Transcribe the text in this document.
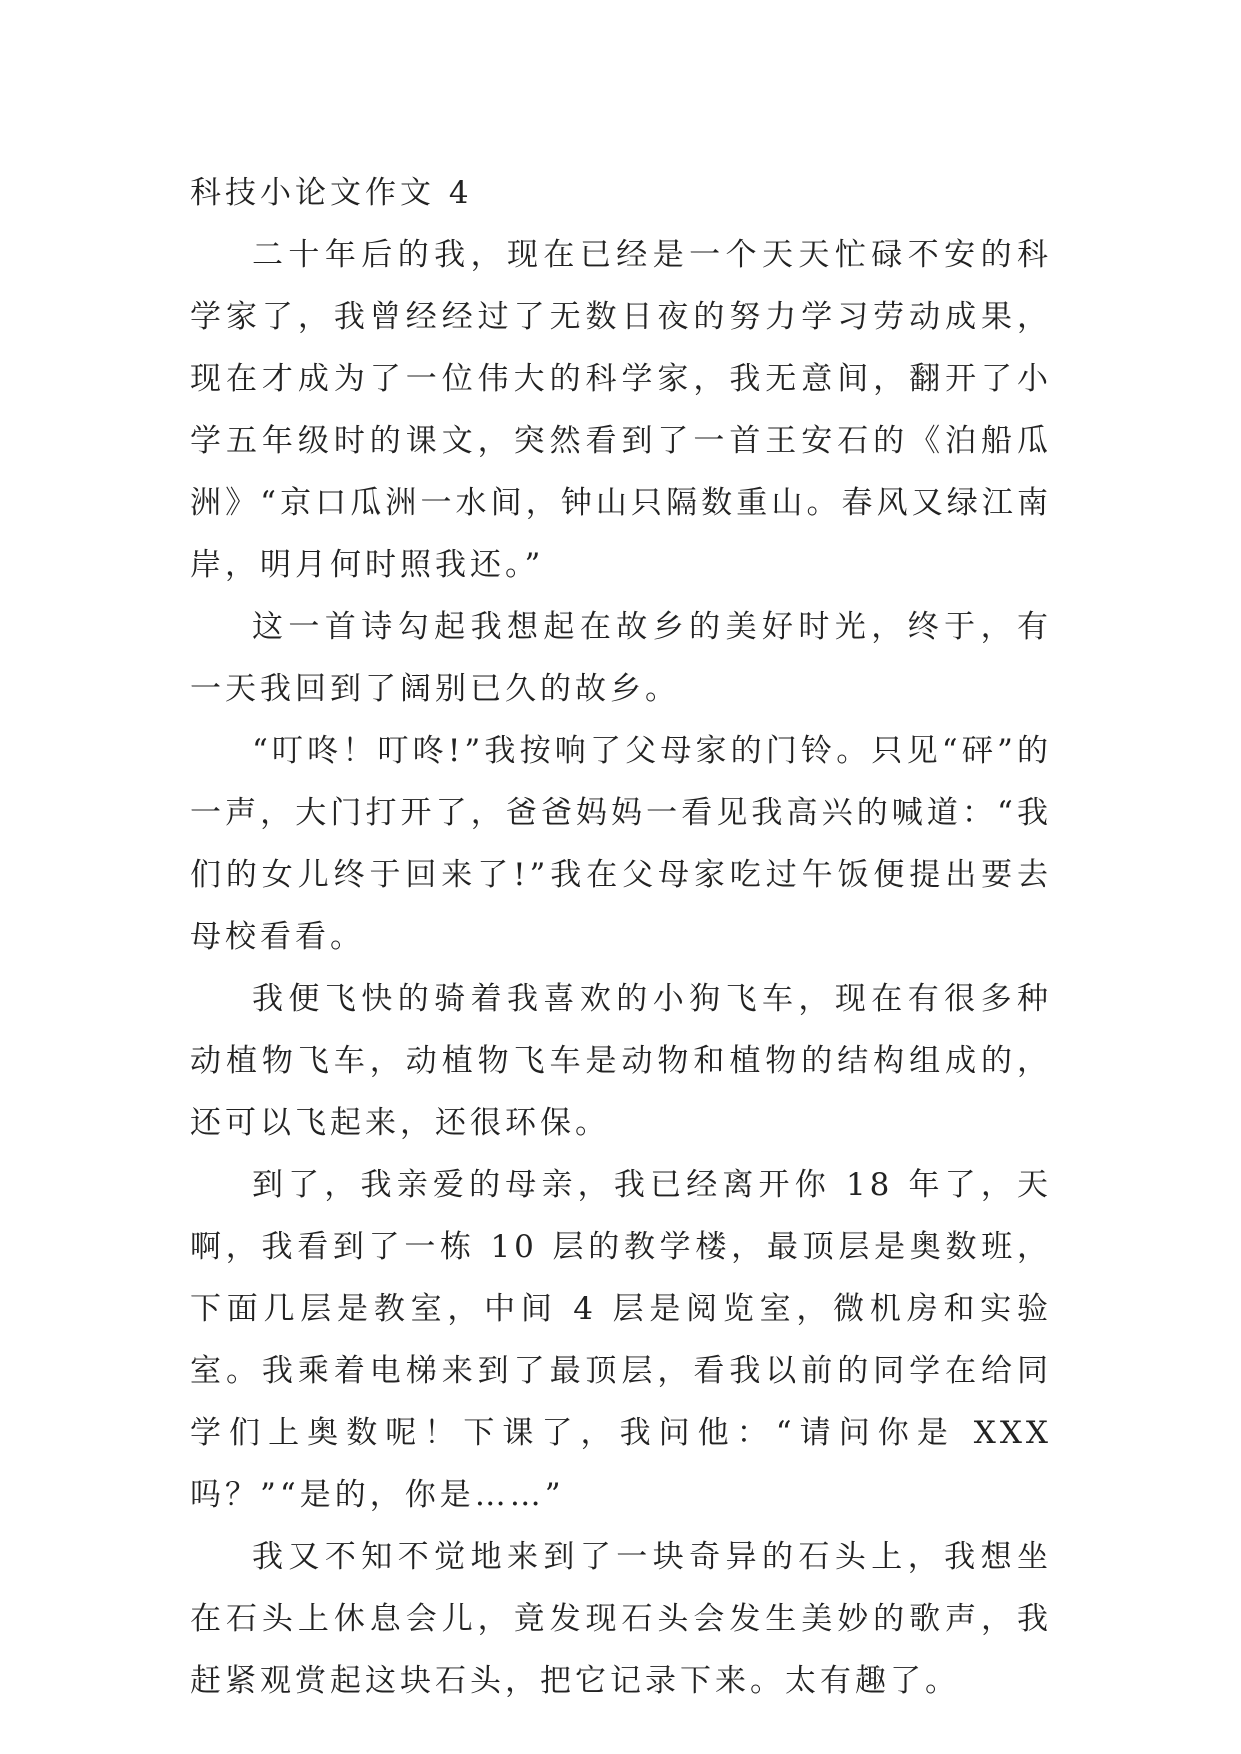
科技小论文作文 4

二十年后的我，现在已经是一个天天忙碌不安的科学家了，我曾经经过了无数日夜的努力学习劳动成果，现在才成为了一位伟大的科学家，我无意间，翻开了小学五年级时的课文，突然看到了一首王安石的《泊船瓜洲》“京口瓜洲一水间，钟山只隔数重山。春风又绿江南岸，明月何时照我还。”

这一首诗勾起我想起在故乡的美好时光，终于，有一天我回到了阔别已久的故乡。

“叮咚！叮咚!”我按响了父母家的门铃。只见“砰”的一声，大门打开了，爸爸妈妈一看见我高兴的喊道：“我们的女儿终于回来了!”我在父母家吃过午饭便提出要去母校看看。

我便飞快的骑着我喜欢的小狗飞车，现在有很多种动植物飞车，动植物飞车是动物和植物的结构组成的，还可以飞起来，还很环保。

到了，我亲爱的母亲，我已经离开你 18 年了，天啊，我看到了一栋 10 层的教学楼，最顶层是奥数班，下面几层是教室，中间 4 层是阅览室，微机房和实验室。我乘着电梯来到了最顶层，看我以前的同学在给同学们上奥数呢！下课了，我问他：“请问你是 XXX 吗？”“是的，你是……”

我又不知不觉地来到了一块奇异的石头上，我想坐在石头上休息会儿，竟发现石头会发生美妙的歌声，我赶紧观赏起这块石头，把它记录下来。太有趣了。
